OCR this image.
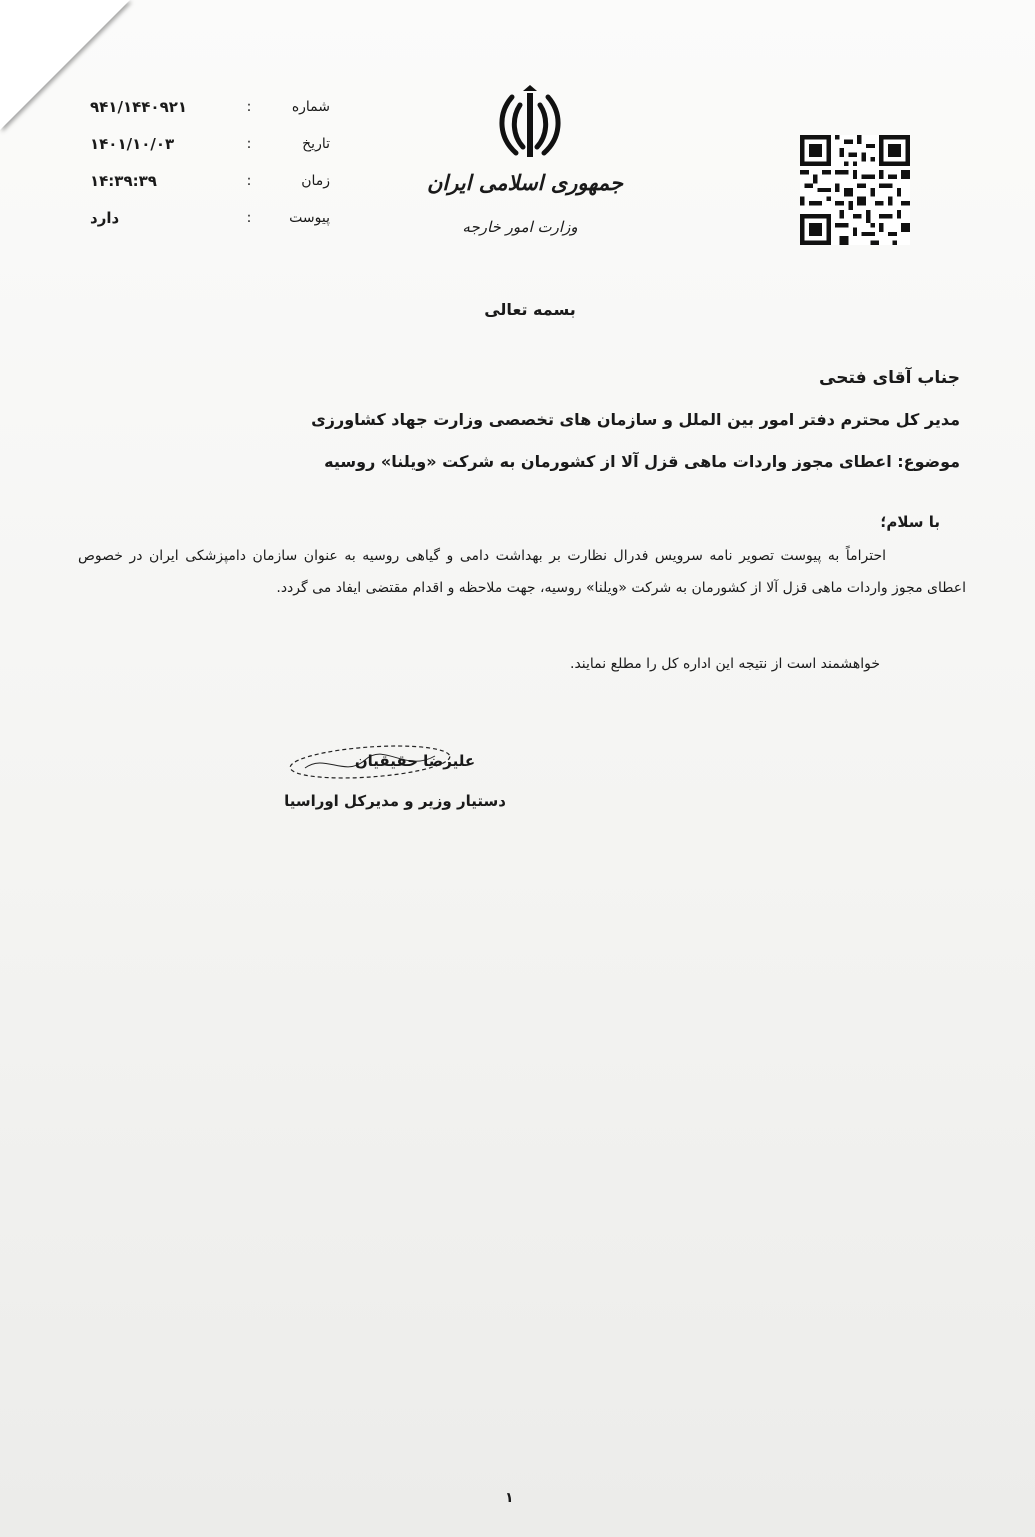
جمهوری اسلامی ایران
وزارت امور خارجه
شماره
:
۹۴۱/۱۴۴۰۹۲۱
تاریخ
:
۱۴۰۱/۱۰/۰۳
زمان
:
۱۴:۳۹:۳۹
پیوست
:
دارد
بسمه تعالی
جناب آقای فتحی
مدیر کل محترم دفتر امور بین الملل و سازمان های تخصصی وزارت جهاد کشاورزی
موضوع: اعطای مجوز واردات ماهی قزل آلا از کشورمان به شرکت «ویلنا» روسیه
با سلام؛
احتراماً به پیوست تصویر نامه سرویس فدرال نظارت بر بهداشت دامی و گیاهی روسیه به عنوان سازمان دامپزشکی ایران در خصوص اعطای مجوز واردات ماهی قزل آلا از کشورمان به شرکت «ویلنا» روسیه، جهت ملاحظه و اقدام مقتضی ایفاد می گردد.
خواهشمند است از نتیجه این اداره کل را مطلع نمایند.
علیرضا حقیقیان
دستیار وزیر و مدیرکل اوراسیا
۱
